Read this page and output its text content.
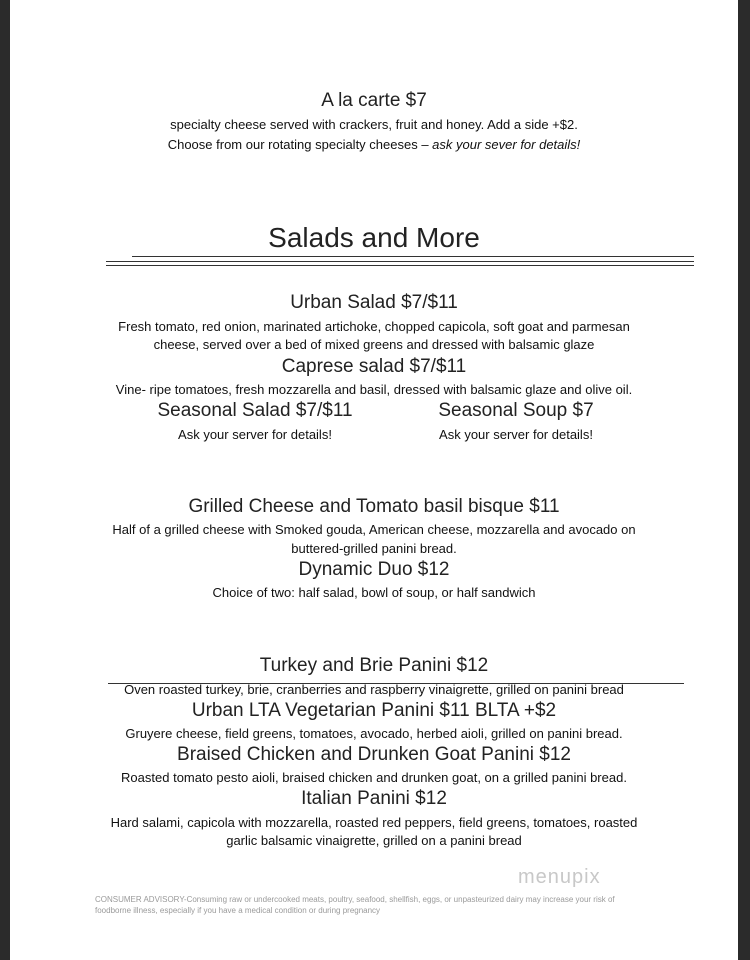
A la carte $7
specialty cheese served with crackers, fruit and honey. Add a side +$2.
Choose from our rotating specialty cheeses – ask your sever for details!
Salads and More
Urban Salad $7/$11
Fresh tomato, red onion, marinated artichoke, chopped capicola, soft goat and parmesan
cheese, served over a bed of mixed greens and dressed with balsamic glaze
Caprese salad $7/$11
Vine- ripe tomatoes, fresh mozzarella and basil, dressed with balsamic glaze and olive oil.
Seasonal Salad $7/$11
Ask your server for details!
Seasonal Soup $7
Ask your server for details!
Grilled Cheese and Tomato basil bisque $11
Half of a grilled cheese with Smoked gouda, American cheese, mozzarella and avocado on
buttered-grilled panini bread.
Dynamic Duo $12
Choice of two: half salad, bowl of soup, or half sandwich
Turkey and Brie Panini $12
Oven roasted turkey, brie, cranberries and raspberry vinaigrette, grilled on panini bread
Urban LTA Vegetarian Panini $11 BLTA +$2
Gruyere cheese, field greens, tomatoes, avocado, herbed aioli, grilled on panini bread.
Braised Chicken and Drunken Goat Panini $12
Roasted tomato pesto aioli, braised chicken and drunken goat, on a grilled panini bread.
Italian Panini $12
Hard salami, capicola with mozzarella, roasted red peppers, field greens, tomatoes, roasted
garlic balsamic vinaigrette, grilled on a panini bread
menupix
CONSUMER ADVISORY-Consuming raw or undercooked meats, poultry, seafood, shellfish, eggs, or unpasteurized dairy may increase your risk of
foodborne illness, especially if you have a medical condition or during pregnancy
